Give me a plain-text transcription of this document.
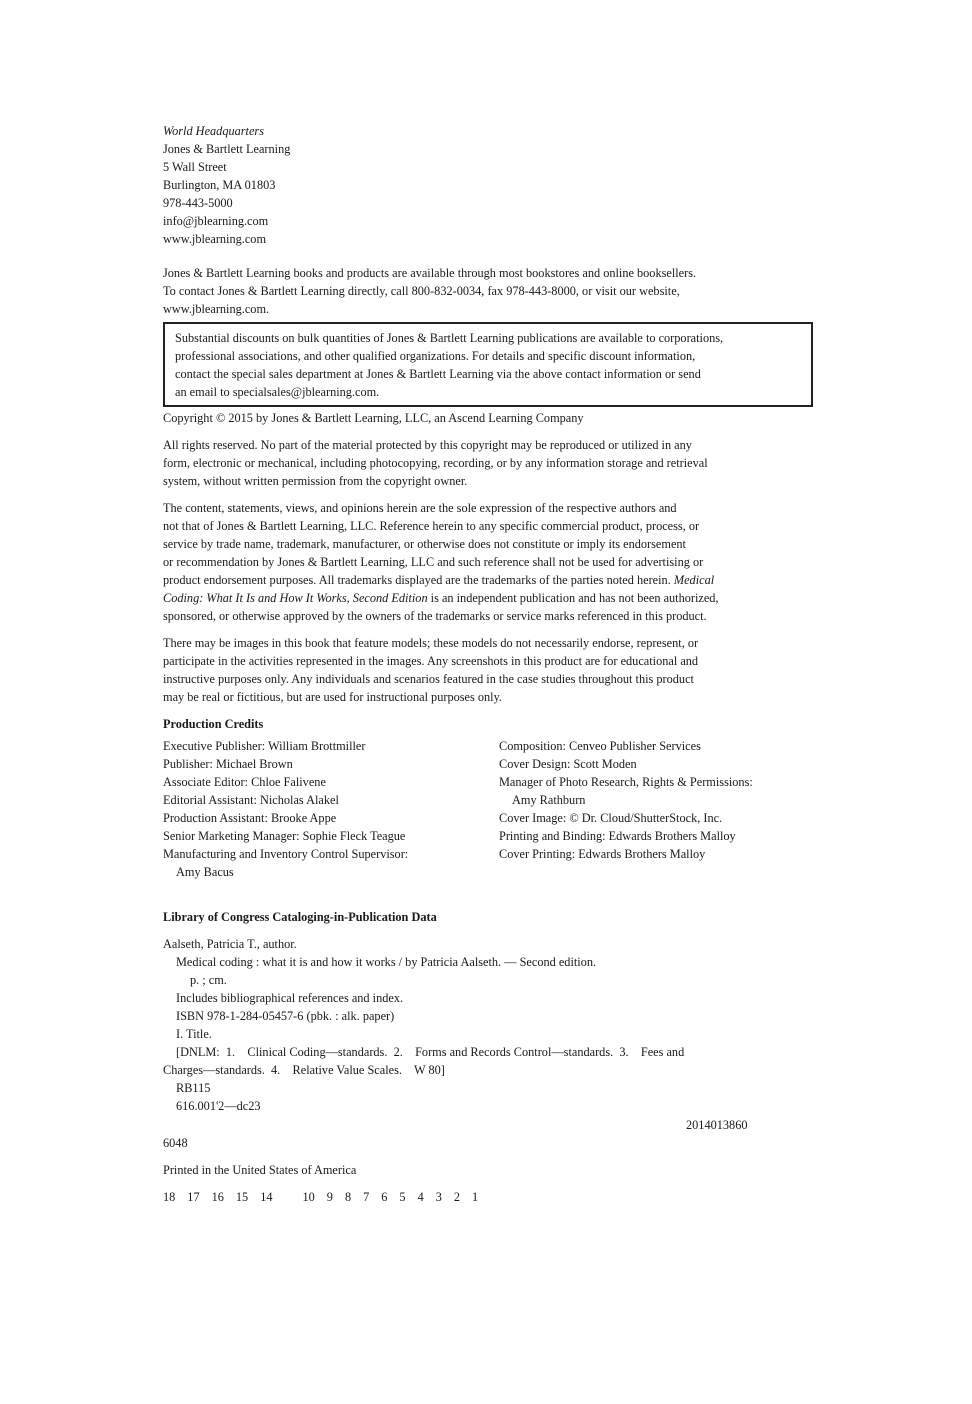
World Headquarters
Jones & Bartlett Learning
5 Wall Street
Burlington, MA 01803
978-443-5000
info@jblearning.com
www.jblearning.com
Jones & Bartlett Learning books and products are available through most bookstores and online booksellers.
To contact Jones & Bartlett Learning directly, call 800-832-0034, fax 978-443-8000, or visit our website,
www.jblearning.com.
Substantial discounts on bulk quantities of Jones & Bartlett Learning publications are available to corporations,
professional associations, and other qualified organizations. For details and specific discount information,
contact the special sales department at Jones & Bartlett Learning via the above contact information or send
an email to specialsales@jblearning.com.
Copyright © 2015 by Jones & Bartlett Learning, LLC, an Ascend Learning Company
All rights reserved. No part of the material protected by this copyright may be reproduced or utilized in any
form, electronic or mechanical, including photocopying, recording, or by any information storage and retrieval
system, without written permission from the copyright owner.
The content, statements, views, and opinions herein are the sole expression of the respective authors and
not that of Jones & Bartlett Learning, LLC. Reference herein to any specific commercial product, process, or
service by trade name, trademark, manufacturer, or otherwise does not constitute or imply its endorsement
or recommendation by Jones & Bartlett Learning, LLC and such reference shall not be used for advertising or
product endorsement purposes. All trademarks displayed are the trademarks of the parties noted herein. Medical
Coding: What It Is and How It Works, Second Edition is an independent publication and has not been authorized,
sponsored, or otherwise approved by the owners of the trademarks or service marks referenced in this product.
There may be images in this book that feature models; these models do not necessarily endorse, represent, or
participate in the activities represented in the images. Any screenshots in this product are for educational and
instructive purposes only. Any individuals and scenarios featured in the case studies throughout this product
may be real or fictitious, but are used for instructional purposes only.
Production Credits
Executive Publisher: William Brottmiller
Publisher: Michael Brown
Associate Editor: Chloe Falivene
Editorial Assistant: Nicholas Alakel
Production Assistant: Brooke Appe
Senior Marketing Manager: Sophie Fleck Teague
Manufacturing and Inventory Control Supervisor:
Amy Bacus
Composition: Cenveo Publisher Services
Cover Design: Scott Moden
Manager of Photo Research, Rights & Permissions:
Amy Rathburn
Cover Image: © Dr. Cloud/ShutterStock, Inc.
Printing and Binding: Edwards Brothers Malloy
Cover Printing: Edwards Brothers Malloy
Library of Congress Cataloging-in-Publication Data
Aalseth, Patricia T., author.
Medical coding : what it is and how it works / by Patricia Aalseth. — Second edition.
p. ; cm.
Includes bibliographical references and index.
ISBN 978-1-284-05457-6 (pbk. : alk. paper)
I. Title.
[DNLM:  1.    Clinical Coding—standards.  2.    Forms and Records Control—standards.  3.    Fees and
Charges—standards.  4.    Relative Value Scales.    W 80]
RB115
616.001'2—dc23
2014013860
6048
Printed in the United States of America
18 17 16 15 14 10 9 8 7 6 5 4 3 2 1
